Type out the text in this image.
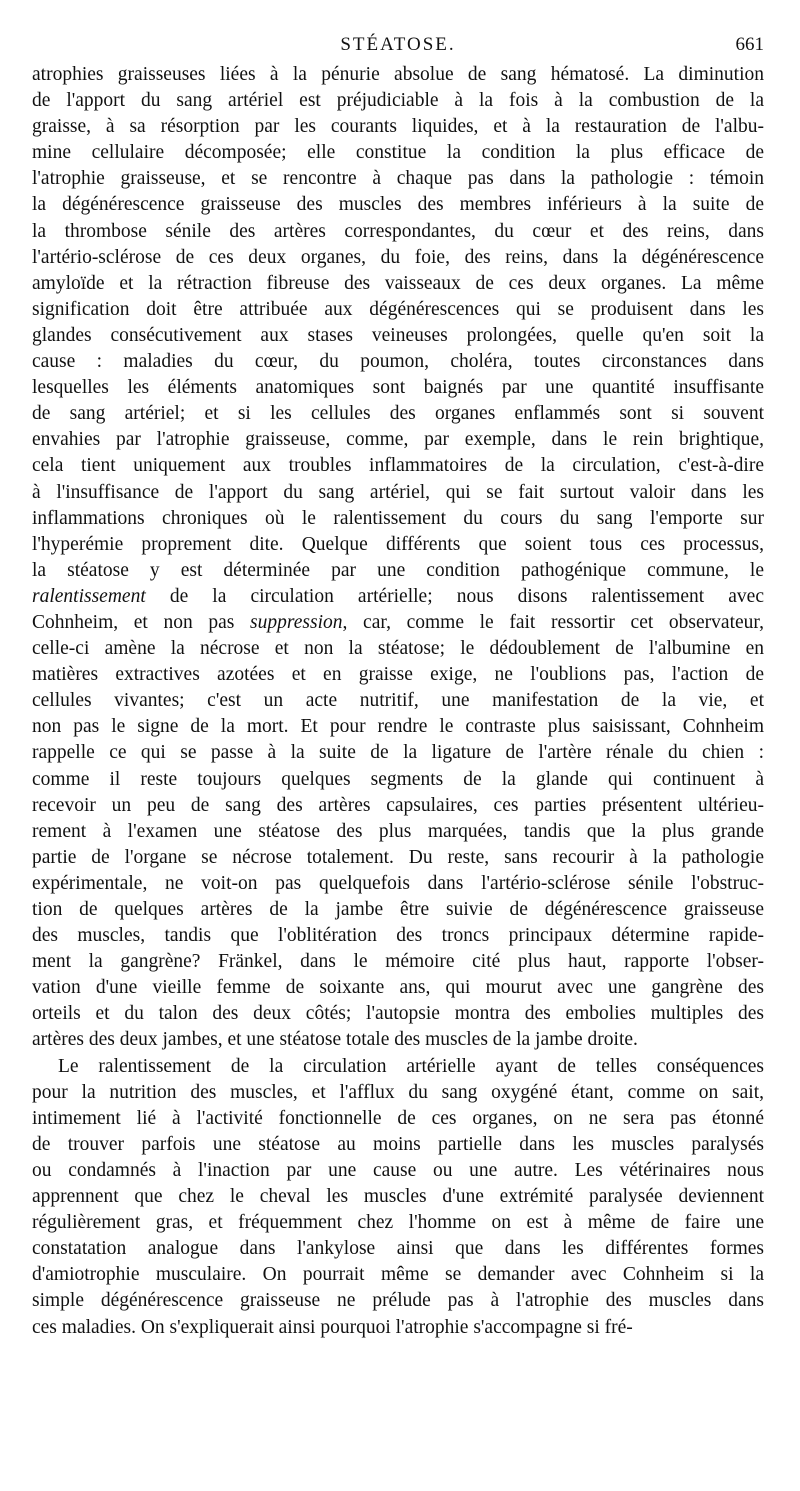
STÉATOSE.	661
atrophies graisseuses liées à la pénurie absolue de sang hématosé. La diminution
de l'apport du sang artériel est préjudiciable à la fois à la combustion de la
graisse, à sa résorption par les courants liquides, et à la restauration de l'albu-
mine cellulaire décomposée; elle constitue la condition la plus efficace de
l'atrophie graisseuse, et se rencontre à chaque pas dans la pathologie : témoin
la dégénérescence graisseuse des muscles des membres inférieurs à la suite de
la thrombose sénile des artères correspondantes, du cœur et des reins, dans
l'artério-sclérose de ces deux organes, du foie, des reins, dans la dégénérescence
amyloïde et la rétraction fibreuse des vaisseaux de ces deux organes. La même
signification doit être attribuée aux dégénérescences qui se produisent dans les
glandes consécutivement aux stases veineuses prolongées, quelle qu'en soit la
cause : maladies du cœur, du poumon, choléra, toutes circonstances dans
lesquelles les éléments anatomiques sont baignés par une quantité insuffisante
de sang artériel; et si les cellules des organes enflammés sont si souvent
envahies par l'atrophie graisseuse, comme, par exemple, dans le rein brightique,
cela tient uniquement aux troubles inflammatoires de la circulation, c'est-à-dire
à l'insuffisance de l'apport du sang artériel, qui se fait surtout valoir dans les
inflammations chroniques où le ralentissement du cours du sang l'emporte sur
l'hyperémie proprement dite. Quelque différents que soient tous ces processus,
la stéatose y est déterminée par une condition pathogénique commune, le
ralentissement de la circulation artérielle; nous disons ralentissement avec
Cohnheim, et non pas suppression, car, comme le fait ressortir cet observateur,
celle-ci amène la nécrose et non la stéatose; le dédoublement de l'albumine en
matières extractives azotées et en graisse exige, ne l'oublions pas, l'action de
cellules vivantes; c'est un acte nutritif, une manifestation de la vie, et
non pas le signe de la mort. Et pour rendre le contraste plus saisissant, Cohnheim
rappelle ce qui se passe à la suite de la ligature de l'artère rénale du chien :
comme il reste toujours quelques segments de la glande qui continuent à
recevoir un peu de sang des artères capsulaires, ces parties présentent ultérieu-
rement à l'examen une stéatose des plus marquées, tandis que la plus grande
partie de l'organe se nécrose totalement. Du reste, sans recourir à la pathologie
expérimentale, ne voit-on pas quelquefois dans l'artério-sclérose sénile l'obstruc-
tion de quelques artères de la jambe être suivie de dégénérescence graisseuse
des muscles, tandis que l'oblitération des troncs principaux détermine rapide-
ment la gangrène? Fränkel, dans le mémoire cité plus haut, rapporte l'obser-
vation d'une vieille femme de soixante ans, qui mourut avec une gangrène des
orteils et du talon des deux côtés; l'autopsie montra des embolies multiples des
artères des deux jambes, et une stéatose totale des muscles de la jambe droite.
Le ralentissement de la circulation artérielle ayant de telles conséquences
pour la nutrition des muscles, et l'afflux du sang oxygéné étant, comme on sait,
intimement lié à l'activité fonctionnelle de ces organes, on ne sera pas étonné
de trouver parfois une stéatose au moins partielle dans les muscles paralysés
ou condamnés à l'inaction par une cause ou une autre. Les vétérinaires nous
apprennent que chez le cheval les muscles d'une extrémité paralysée deviennent
régulièrement gras, et fréquemment chez l'homme on est à même de faire une
constatation analogue dans l'ankylose ainsi que dans les différentes formes
d'amiotrophie musculaire. On pourrait même se demander avec Cohnheim si la
simple dégénérescence graisseuse ne prélude pas à l'atrophie des muscles dans
ces maladies. On s'expliquerait ainsi pourquoi l'atrophie s'accompagne si fré-
